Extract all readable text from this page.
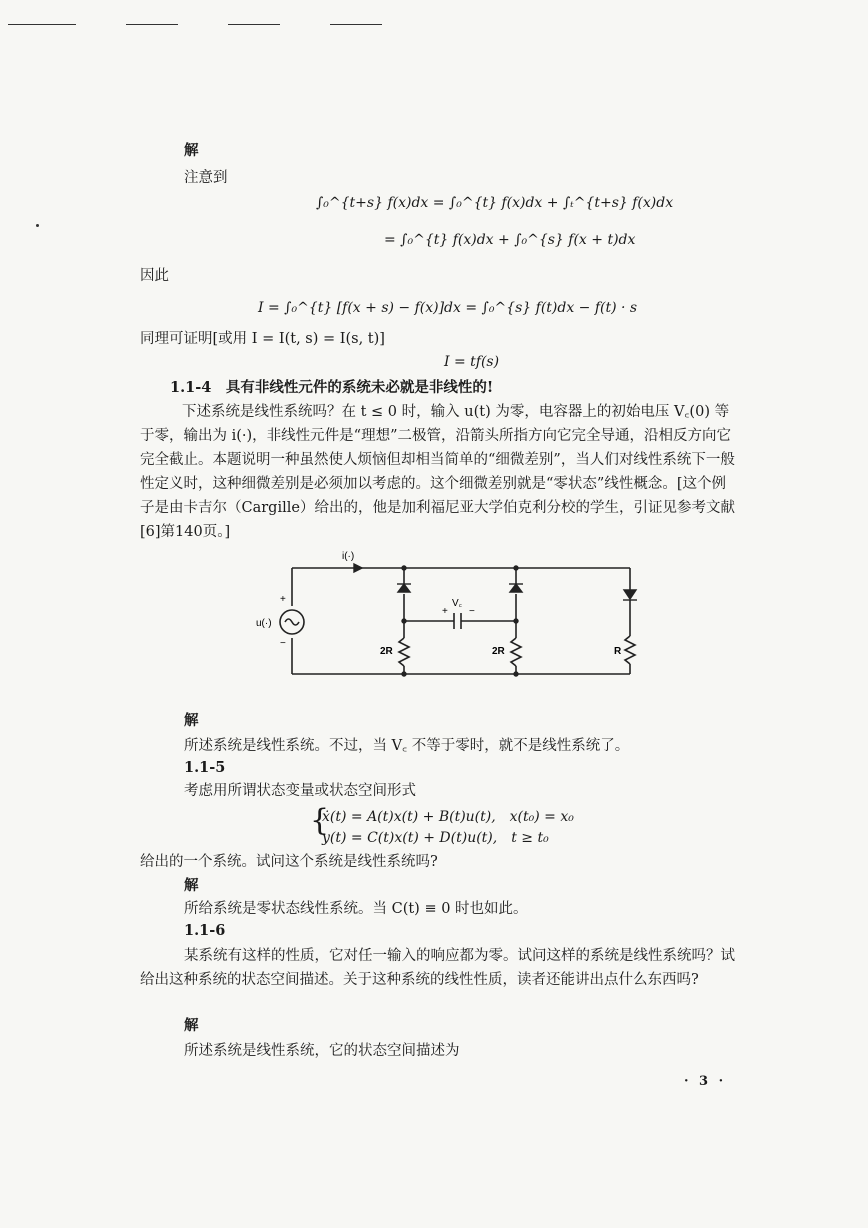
解
注意到
∫₀^{t+s} f(x)dx = ∫₀^{t} f(x)dx + ∫ₜ^{t+s} f(x)dx
= ∫₀^{t} f(x)dx + ∫₀^{s} f(x + t)dx
因此
I = ∫₀^{t} [f(x + s) − f(x)]dx = ∫₀^{s} f(t)dx − f(t) · s
同理可证明[或用 I = I(t, s) = I(s, t)]
I = tf(s)
1.1-4　具有非线性元件的系统未必就是非线性的!
下述系统是线性系统吗？在 t ≤ 0 时，输入 u(t) 为零，电容器上的初始电压 V꜀(0) 等于零，输出为 i(·)，非线性元件是“理想”二极管，沿箭头所指方向它完全导通，沿相反方向它完全截止。本题说明一种虽然使人烦恼但却相当简单的“细微差别”，当人们对线性系统下一般性定义时，这种细微差别是必须加以考虑的。这个细微差别就是“零状态”线性概念。[这个例子是由卡吉尔（Cargille）给出的，他是加利福尼亚大学伯克利分校的学生，引证见参考文献[6]第140页。]
i(·)
u(·)
+
−
V꜀
+ −
2R	2R	R
解
所述系统是线性系统。不过，当 V꜀ 不等于零时，就不是线性系统了。
1.1-5
考虑用所谓状态变量或状态空间形式
{
ẋ(t) = A(t)x(t) + B(t)u(t),　x(t₀) = x₀
y(t) = C(t)x(t) + D(t)u(t),　t ≥ t₀
给出的一个系统。试问这个系统是线性系统吗?
解
所给系统是零状态线性系统。当 C(t) ≡ 0 时也如此。
1.1-6
某系统有这样的性质，它对任一输入的响应都为零。试问这样的系统是线性系统吗？试给出这种系统的状态空间描述。关于这种系统的线性性质，读者还能讲出点什么东西吗?
解
所述系统是线性系统，它的状态空间描述为
· 3 ·
